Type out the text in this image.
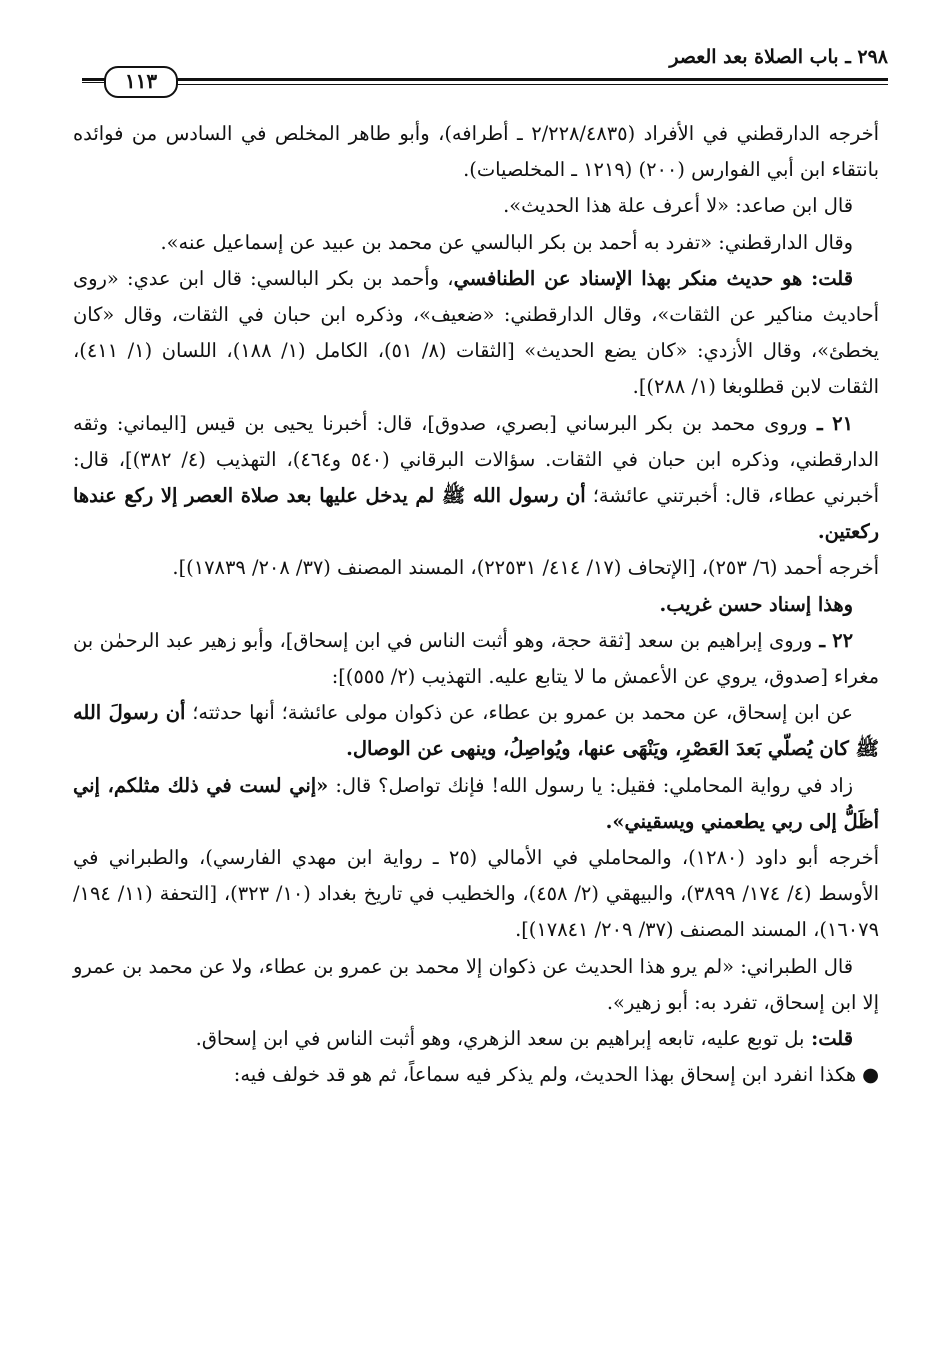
٢٩٨ ـ باب الصلاة بعد العصر
١١٣

أخرجه الدارقطني في الأفراد (٢/٢٢٨/٤٨٣٥ ـ أطرافه)، وأبو طاهر المخلص في السادس من فوائده بانتقاء ابن أبي الفوارس (٢٠٠) (١٢١٩ ـ المخلصيات).

قال ابن صاعد: «لا أعرف علة هذا الحديث».

وقال الدارقطني: «تفرد به أحمد بن بكر البالسي عن محمد بن عبيد عن إسماعيل عنه».

قلت: هو حديث منكر بهذا الإسناد عن الطنافسي، وأحمد بن بكر البالسي: قال ابن عدي: «روى أحاديث مناكير عن الثقات»، وقال الدارقطني: «ضعيف»، وذكره ابن حبان في الثقات، وقال «كان يخطئ»، وقال الأزدي: «كان يضع الحديث» [الثقات (٨/ ٥١)، الكامل (١/ ١٨٨)، اللسان (١/ ٤١١)، الثقات لابن قطلوبغا (١/ ٢٨٨)].

٢١ ـ وروى محمد بن بكر البرساني [بصري، صدوق]، قال: أخبرنا يحيى بن قيس [اليماني: وثقه الدارقطني، وذكره ابن حبان في الثقات. سؤالات البرقاني (٥٤٠ و٤٦٤)، التهذيب (٤/ ٣٨٢)]، قال: أخبرني عطاء، قال: أخبرتني عائشة؛ أن رسول الله ﷺ لم يدخل عليها بعد صلاة العصر إلا ركع عندها ركعتين.

أخرجه أحمد (٦/ ٢٥٣)، [الإتحاف (١٧/ ٤١٤/ ٢٢٥٣١)، المسند المصنف (٣٧/ ٢٠٨/ ١٧٨٣٩)].

وهذا إسناد حسن غريب.

٢٢ ـ وروى إبراهيم بن سعد [ثقة حجة، وهو أثبت الناس في ابن إسحاق]، وأبو زهير عبد الرحمٰن بن مغراء [صدوق، يروي عن الأعمش ما لا يتابع عليه. التهذيب (٢/ ٥٥٥)]:

عن ابن إسحاق، عن محمد بن عمرو بن عطاء، عن ذكوان مولى عائشة؛ أنها حدثته؛ أن رسولَ الله ﷺ كان يُصلّي بَعدَ العَصْرِ، ويَنْهَى عنها، ويُواصِلُ، وينهى عن الوصال.

زاد في رواية المحاملي: فقيل: يا رسول الله! فإنك تواصل؟ قال: «إني لست في ذلك مثلكم، إني أظَلُّ إلى ربي يطعمني ويسقيني».

أخرجه أبو داود (١٢٨٠)، والمحاملي في الأمالي (٢٥ ـ رواية ابن مهدي الفارسي)، والطبراني في الأوسط (٤/ ١٧٤/ ٣٨٩٩)، والبيهقي (٢/ ٤٥٨)، والخطيب في تاريخ بغداد (١٠/ ٣٢٣)، [التحفة (١١/ ١٩٤/ ١٦٠٧٩)، المسند المصنف (٣٧/ ٢٠٩/ ١٧٨٤١)].

قال الطبراني: «لم يرو هذا الحديث عن ذكوان إلا محمد بن عمرو بن عطاء، ولا عن محمد بن عمرو إلا ابن إسحاق، تفرد به: أبو زهير».

قلت: بل توبع عليه، تابعه إبراهيم بن سعد الزهري، وهو أثبت الناس في ابن إسحاق.

●هكذا انفرد ابن إسحاق بهذا الحديث، ولم يذكر فيه سماعاً، ثم هو قد خولف فيه:
